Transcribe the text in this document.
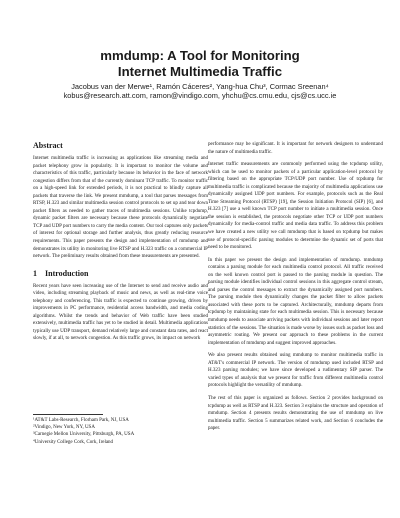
mmdump: A Tool for Monitoring
Internet Multimedia Traffic
Jacobus van der Merwe¹, Ramón Cáceres², Yang-hua Chu³, Cormac Sreenan⁴
kobus@research.att.com, ramon@vindigo.com, yhchu@cs.cmu.edu, cjs@cs.ucc.ie
Abstract

Internet multimedia traffic is increasing as applications like streaming media and packet telephony grow in popularity. It is important to monitor the volume and characteristics of this traffic, particularly because its behavior in the face of network congestion differs from that of the currently dominant TCP traffic. To monitor traffic on a high-speed link for extended periods, it is not practical to blindly capture all packets that traverse the link. We present mmdump, a tool that parses messages from RTSP, H.323 and similar multimedia session control protocols to set up and tear down packet filters as needed to gather traces of multimedia sessions. Unlike tcpdump, dynamic packet filters are necessary because these protocols dynamically negotiate TCP and UDP port numbers to carry the media content. Our tool captures only packets of interest for optional storage and further analysis, thus greatly reducing resource requirements. This paper presents the design and implementation of mmdump and demonstrates its utility in monitoring live RTSP and H.323 traffic on a commercial IP network. The preliminary results obtained from these measurements are presented.

1 Introduction

Recent years have seen increasing use of the Internet to send and receive audio and video, including streaming playback of music and news, as well as real-time voice telephony and conferencing. This traffic is expected to continue growing, driven by improvements in PC performance, residential access bandwidth, and media coding algorithms. Whilst the trends and behavior of Web traffic have been studied extensively, multimedia traffic has yet to be studied in detail. Multimedia applications typically use UDP transport, demand relatively large and constant data rates, and react slowly, if at all, to network congestion. As this traffic grows, its impact on network

¹AT&T Labs-Research, Florham Park, NJ, USA
²Vindigo, New York, NY, USA
³Carnegie Mellon University, Pittsburgh, PA, USA
⁴University College Cork, Cork, Ireland

performance may be significant. It is important for network designers to understand the nature of multimedia traffic.

Internet traffic measurements are commonly performed using the tcpdump utility, which can be used to monitor packets of a particular application-level protocol by filtering based on the appropriate TCP/UDP port number. Use of tcpdump for multimedia traffic is complicated because the majority of multimedia applications use dynamically assigned UDP port numbers. For example, protocols such as the Real Time Streaming Protocol (RTSP) [19], the Session Initiation Protocol (SIP) [6], and H.323 [7] use a well known TCP port number to initiate a multimedia session. Once the session is established, the protocols negotiate other TCP or UDP port numbers dynamically for media-control traffic and media data traffic. To address this problem we have created a new utility we call mmdump that is based on tcpdump but makes use of protocol-specific parsing modules to determine the dynamic set of ports that need to be monitored.

In this paper we present the design and implementation of mmdump. mmdump contains a parsing module for each multimedia control protocol. All traffic received on the well known control port is passed to the parsing module in question. The parsing module identifies individual control sessions in this aggregate control stream, and parses the control messages to extract the dynamically assigned port numbers. The parsing module then dynamically changes the packet filter to allow packets associated with these ports to be captured. Architecturally, mmdump departs from tcpdump by maintaining state for each multimedia session. This is necessary because mmdump needs to associate arriving packets with individual sessions and later report statistics of the sessions. The situation is made worse by issues such as packet loss and asymmetric routing. We present our approach to these problems in the current implementation of mmdump and suggest improved approaches.

We also present results obtained using mmdump to monitor multimedia traffic in AT&T's commercial IP network. The version of mmdump used included RTSP and H.323 parsing modules; we have since developed a rudimentary SIP parser. The varied types of analysis that we present for traffic from different multimedia control protocols highlight the versatility of mmdump.

The rest of this paper is organized as follows. Section 2 provides background on tcpdump as well as RTSP and H.323. Section 3 explains the structure and operation of mmdump. Section 4 presents results demonstrating the use of mmdump on live multimedia traffic. Section 5 summarizes related work, and Section 6 concludes the paper.
